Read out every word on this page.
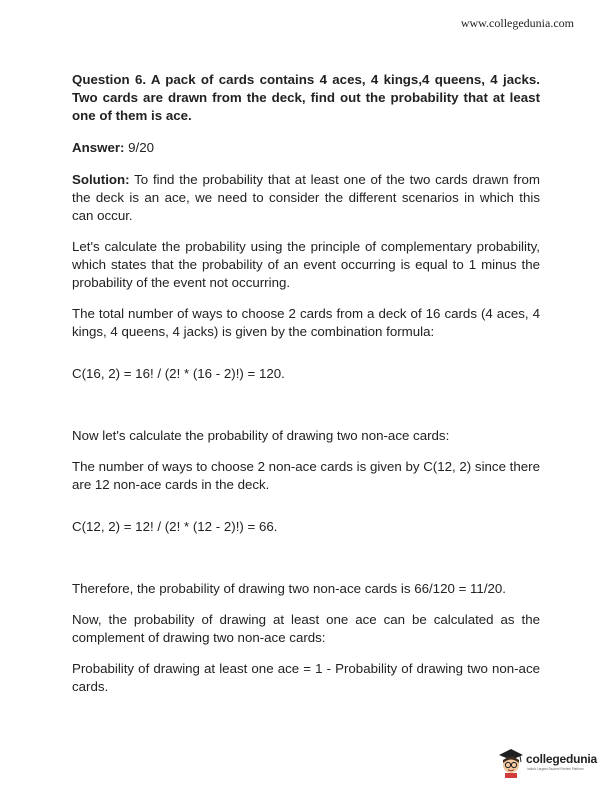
www.collegedunia.com

Question 6. A pack of cards contains 4 aces, 4 kings,4 queens, 4 jacks. Two cards are drawn from the deck, find out the probability that at least one of them is ace.

Answer: 9/20

Solution: To find the probability that at least one of the two cards drawn from the deck is an ace, we need to consider the different scenarios in which this can occur.

Let's calculate the probability using the principle of complementary probability, which states that the probability of an event occurring is equal to 1 minus the probability of the event not occurring.

The total number of ways to choose 2 cards from a deck of 16 cards (4 aces, 4 kings, 4 queens, 4 jacks) is given by the combination formula:

C(16, 2) = 16! / (2! * (16 - 2)!) = 120.

Now let's calculate the probability of drawing two non-ace cards:

The number of ways to choose 2 non-ace cards is given by C(12, 2) since there are 12 non-ace cards in the deck.

C(12, 2) = 12! / (2! * (12 - 2)!) = 66.

Therefore, the probability of drawing two non-ace cards is 66/120 = 11/20.

Now, the probability of drawing at least one ace can be calculated as the complement of drawing two non-ace cards:

Probability of drawing at least one ace = 1 - Probability of drawing two non-ace cards.

collegedunia
India's Largest Student Review Platform
